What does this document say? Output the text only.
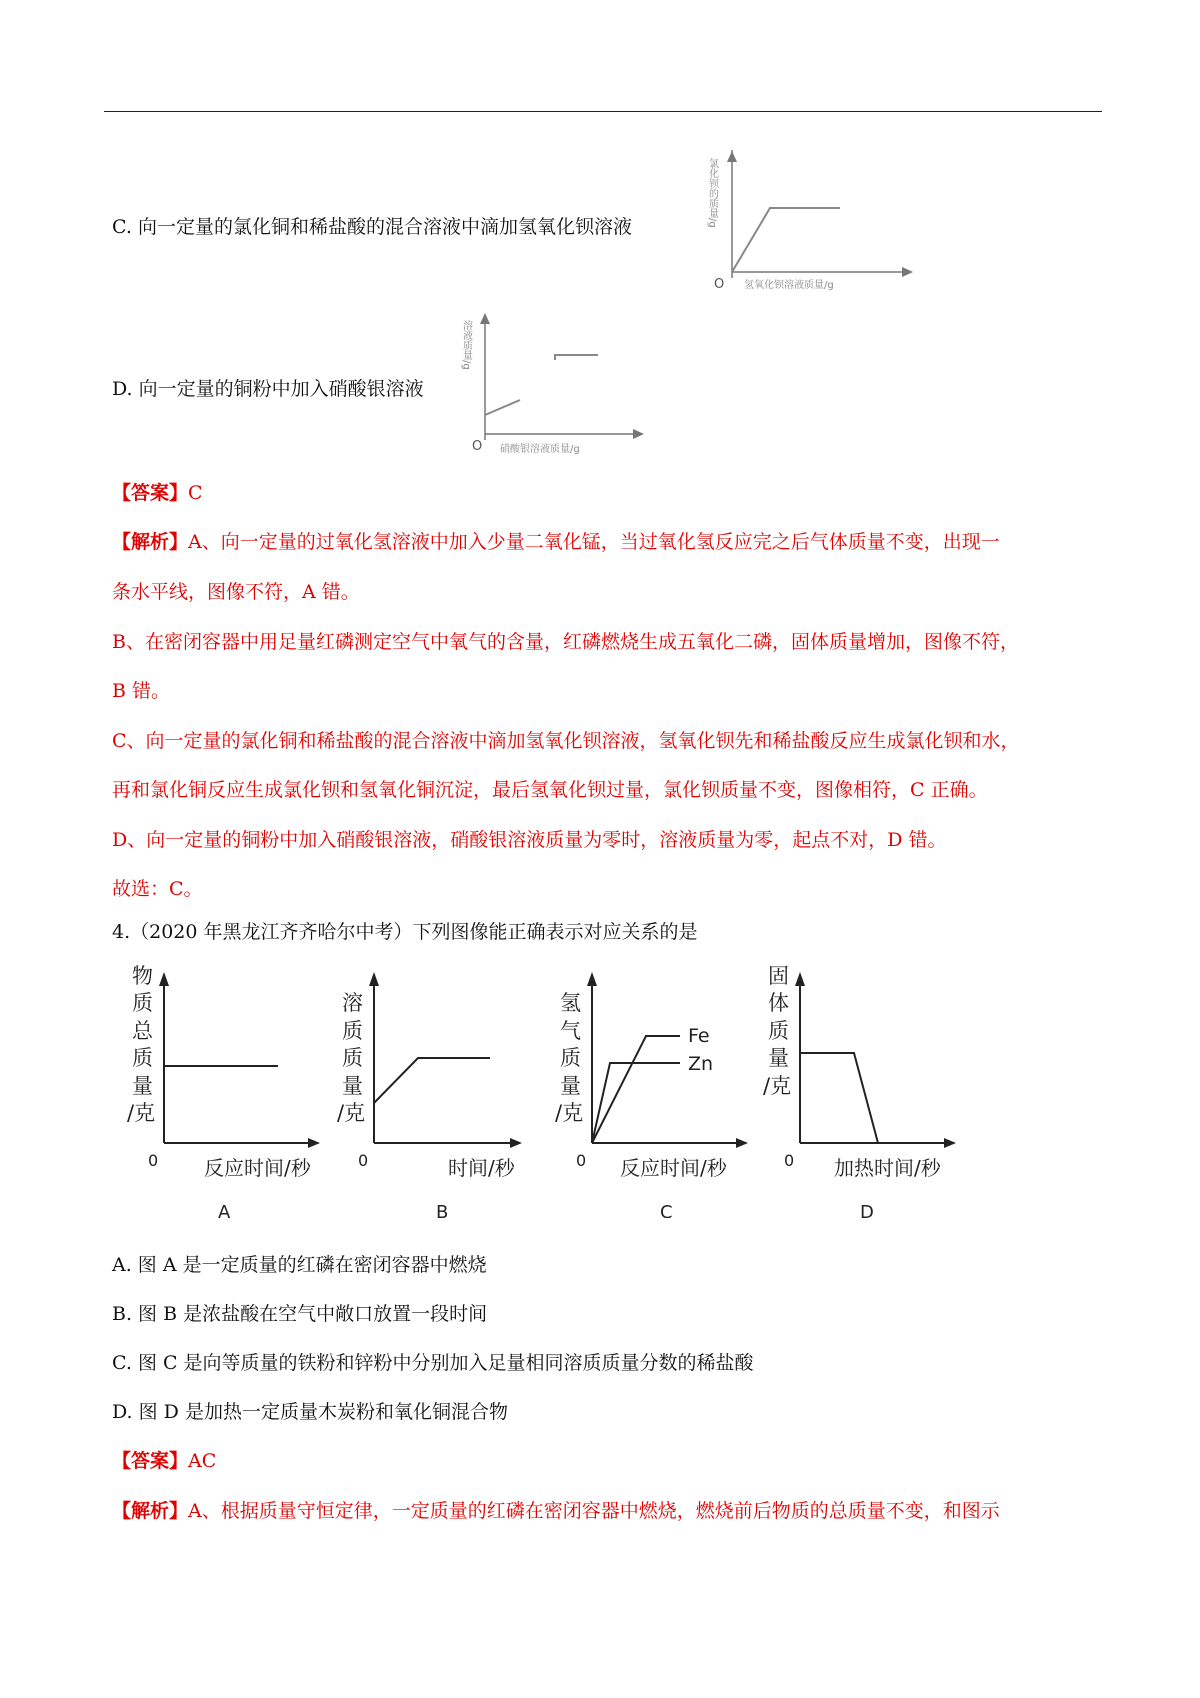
C. 向一定量的氯化铜和稀盐酸的混合溶液中滴加氢氧化钡溶液	氯化钡的质量/g
O 氢氧化钡溶液质量/g
D. 向一定量的铜粉中加入硝酸银溶液
溶液质量/g
O 硝酸银溶液质量/g
【答案】C
【解析】A、向一定量的过氧化氢溶液中加入少量二氧化锰，当过氧化氢反应完之后气体质量不变，出现一
条水平线，图像不符，A 错。
B、在密闭容器中用足量红磷测定空气中氧气的含量，红磷燃烧生成五氧化二磷，固体质量增加，图像不符，
B 错。
C、向一定量的氯化铜和稀盐酸的混合溶液中滴加氢氧化钡溶液，氢氧化钡先和稀盐酸反应生成氯化钡和水，
再和氯化铜反应生成氯化钡和氢氧化铜沉淀，最后氢氧化钡过量，氯化钡质量不变，图像相符，C 正确。
D、向一定量的铜粉中加入硝酸银溶液，硝酸银溶液质量为零时，溶液质量为零，起点不对，D 错。
故选：C。
4.（2020 年黑龙江齐齐哈尔中考）下列图像能正确表示对应关系的是
物
质
总
质
量
/克
0 反应时间/秒
A
溶
质
质
量
/克
0	时间/秒
B
氢
气
质
量
/克
Fe
Zn
0 反应时间/秒
C
固
体
质
量
/克
0 加热时间/秒
D
A. 图 A 是一定质量的红磷在密闭容器中燃烧
B. 图 B 是浓盐酸在空气中敞口放置一段时间
C. 图 C 是向等质量的铁粉和锌粉中分别加入足量相同溶质质量分数的稀盐酸
D. 图 D 是加热一定质量木炭粉和氧化铜混合物
【答案】AC
【解析】A、根据质量守恒定律，一定质量的红磷在密闭容器中燃烧，燃烧前后物质的总质量不变，和图示
